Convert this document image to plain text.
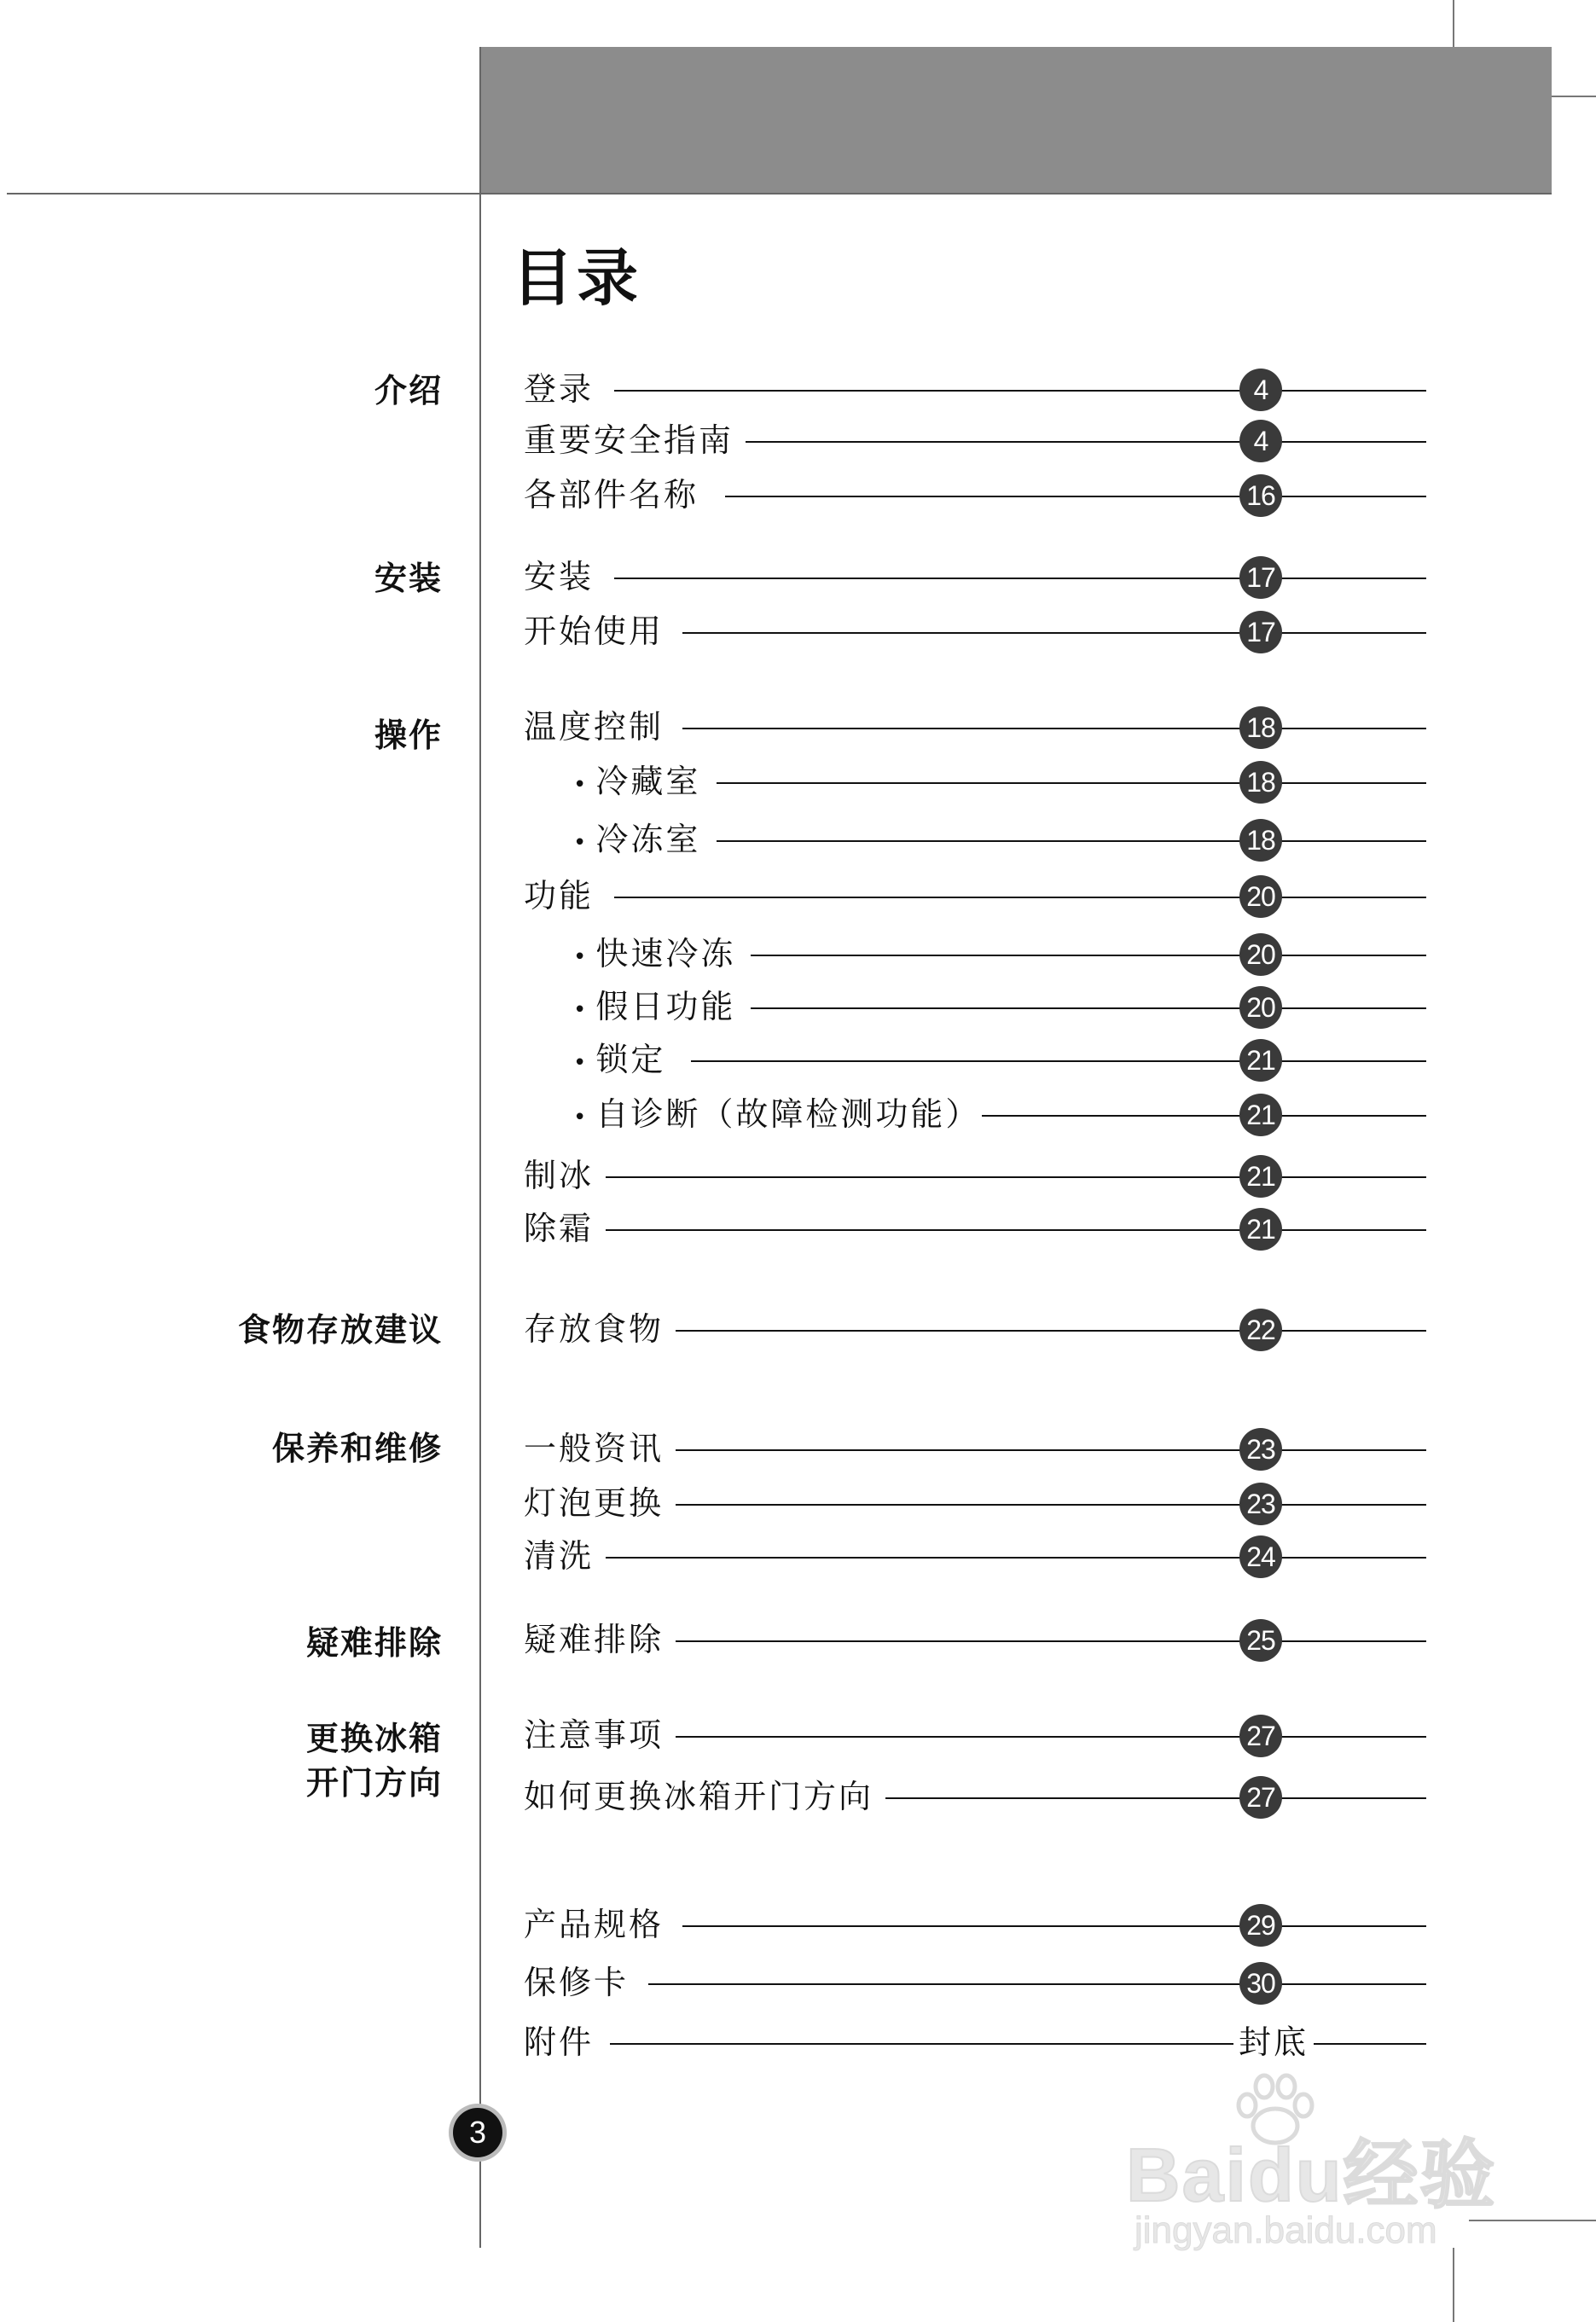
目录
介绍
安装
操作
食物存放建议
保养和维修
疑难排除
更换冰箱
开门方向
登录	4
重要安全指南	4
各部件名称	16
安装	17
开始使用	17
温度控制	18
• 冷藏室	18
• 冷冻室	18
功能	20
• 快速冷冻	20
• 假日功能	20
• 锁定	21
• 自诊断（故障检测功能）	21
制冰	21
除霜	21
存放食物	22
一般资讯	23
灯泡更换	23
清洗	24
疑难排除	25
注意事项	27
如何更换冰箱开门方向	27
产品规格	29
保修卡	30
附件	封底
3
Baidu经验
jingyan.baidu.com
